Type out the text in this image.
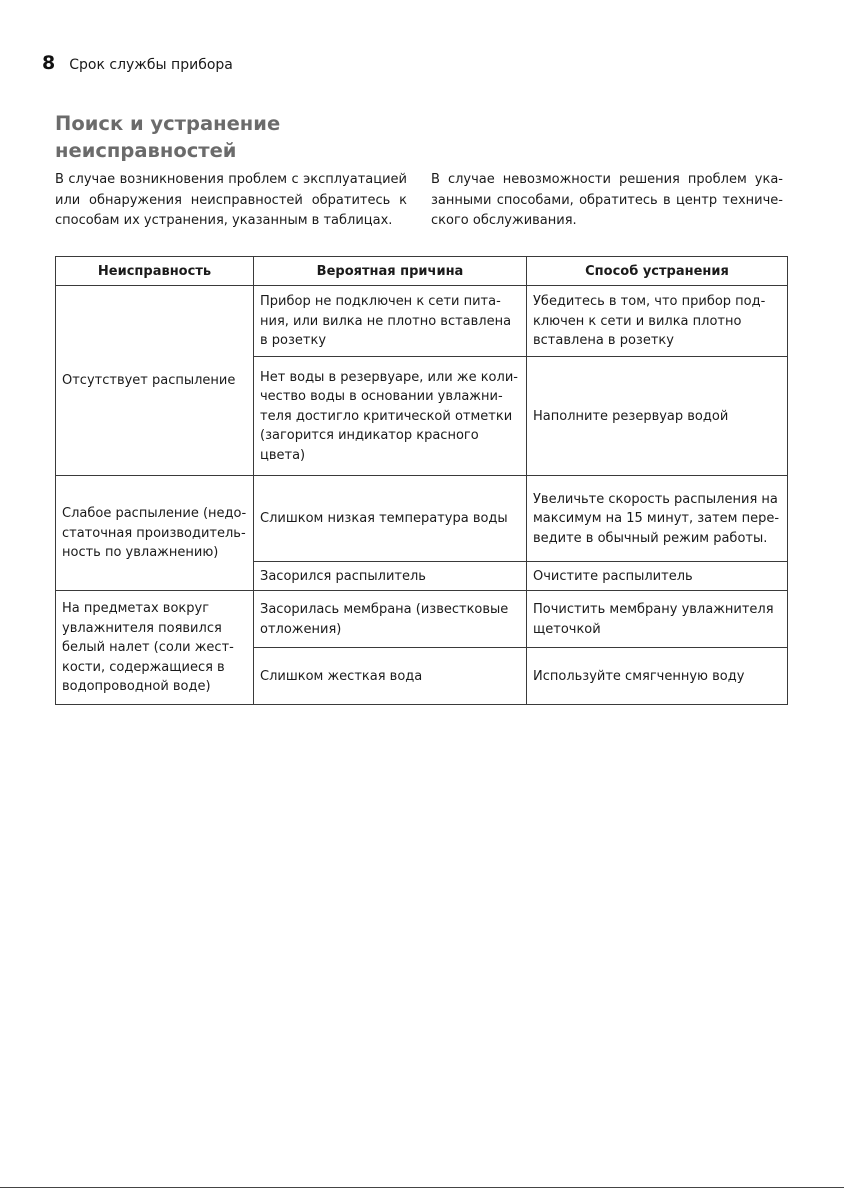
8 Срок службы прибора
Поиск и устранение
неисправностей

В случае возникновения проблем с эксплуатацией или обнаружения неисправностей обратитесь к способам их устранения, указанным в таблицах.

В случае невозможности решения проблем ука-занными способами, обратитесь в центр техниче-ского обслуживания.

Неисправность	Вероятная причина	Способ устранения
Отсутствует распыление	Прибор не подключен к сети пита-ния, или вилка не плотно вставлена в розетку	Убедитесь в том, что прибор под-ключен к сети и вилка плотно вставлена в розетку
	Нет воды в резервуаре, или же коли-чество воды в основании увлажни-теля достигло критической отметки (загорится индикатор красного цвета)	Наполните резервуар водой
Слабое распыление (недо-статочная производитель-ность по увлажнению)	Слишком низкая температура воды	Увеличьте скорость распыления на максимум на 15 минут, затем пере-ведите в обычный режим работы.
	Засорился распылитель	Очистите распылитель
На предметах вокруг увлажнителя появился белый налет (соли жест-кости, содержащиеся в водопроводной воде)	Засорилась мембрана (известковые отложения)	Почистить мембрану увлажнителя щеточкой
	Слишком жесткая вода	Используйте смягченную воду
